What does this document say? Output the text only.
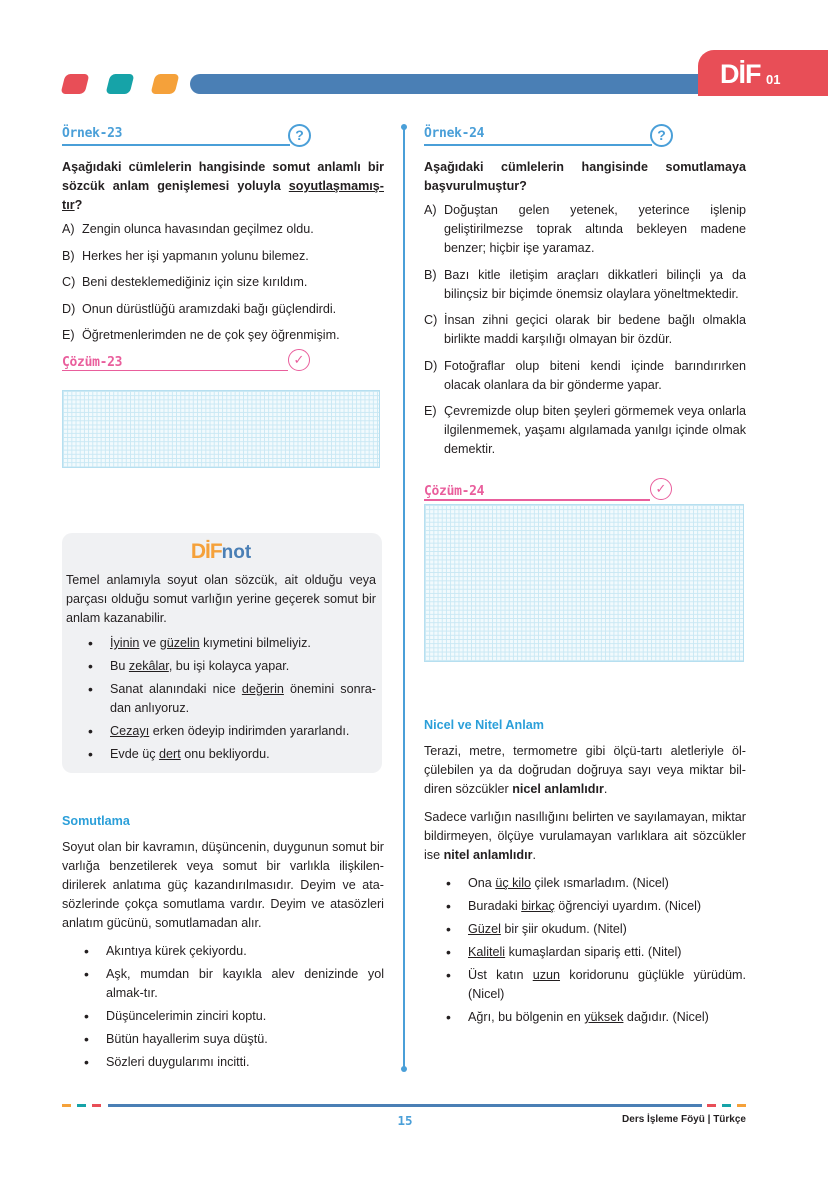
DİF 01
Örnek-23	?

Aşağıdaki cümlelerin hangisinde somut anlamlı bir sözcük anlam genişlemesi yoluyla soyutlaşmamış-tır?

A) Zengin olunca havasından geçilmez oldu.
B) Herkes her işi yapmanın yolunu bilemez.
C) Beni desteklemediğiniz için size kırıldım.
D) Onun dürüstlüğü aramızdaki bağı güçlendirdi.
E) Öğretmenlerimden ne de çok şey öğrenmişim.
Çözüm-23	✓
DİFnot

Temel anlamıyla soyut olan sözcük, ait olduğu veya parçası olduğu somut varlığın yerine geçerek somut bir anlam kazanabilir.

• İyinin ve güzelin kıymetini bilmeliyiz.
• Bu zekâlar, bu işi kolayca yapar.
• Sanat alanındaki nice değerin önemini sonra-dan anlıyoruz.
• Cezayı erken ödeyip indirimden yararlandı.
• Evde üç dert onu bekliyordu.
Somutlama

Soyut olan bir kavramın, düşüncenin, duygunun somut bir varlığa benzetilerek veya somut bir varlıkla ilişkilen-dirilerek anlatıma güç kazandırılmasıdır. Deyim ve ata-sözlerinde çokça somutlama vardır. Deyim ve atasözleri anlatım gücünü, somutlamadan alır.

• Akıntıya kürek çekiyordu.
• Aşk, mumdan bir kayıkla alev denizinde yol almak-tır.
• Düşüncelerimin zinciri koptu.
• Bütün hayallerim suya düştü.
• Sözleri duygularımı incitti.
Örnek-24	?

Aşağıdaki cümlelerin hangisinde somutlamaya başvurulmuştur?

A) Doğuştan gelen yetenek, yeterince işlenip geliştirilmezse toprak altında bekleyen madene benzer; hiçbir işe yaramaz.
B) Bazı kitle iletişim araçları dikkatleri bilinçli ya da bilinçsiz bir biçimde önemsiz olaylara yöneltmektedir.
C) İnsan zihni geçici olarak bir bedene bağlı olmakla birlikte maddi karşılığı olmayan bir özdür.
D) Fotoğraflar olup biteni kendi içinde barındırırken olacak olanlara da bir gönderme yapar.
E) Çevremizde olup biten şeyleri görmemek veya onlarla ilgilenmemek, yaşamı algılamada yanılgı içinde olmak demektir.
Çözüm-24	✓
Nicel ve Nitel Anlam

Terazi, metre, termometre gibi ölçü-tartı aletleriyle öl-çülebilen ya da doğrudan doğruya sayı veya miktar bil-diren sözcükler nicel anlamlıdır.

Sadece varlığın nasıllığını belirten ve sayılamayan, miktar bildirmeyen, ölçüye vurulamayan varlıklara ait sözcükler ise nitel anlamlıdır.

• Ona üç kilo çilek ısmarladım. (Nicel)
• Buradaki birkaç öğrenciyi uyardım. (Nicel)
• Güzel bir şiir okudum. (Nitel)
• Kaliteli kumaşlardan sipariş etti. (Nitel)
• Üst katın uzun koridorunu güçlükle yürüdüm. (Nicel)
• Ağrı, bu bölgenin en yüksek dağıdır. (Nicel)
15	Ders İşleme Föyü | Türkçe
